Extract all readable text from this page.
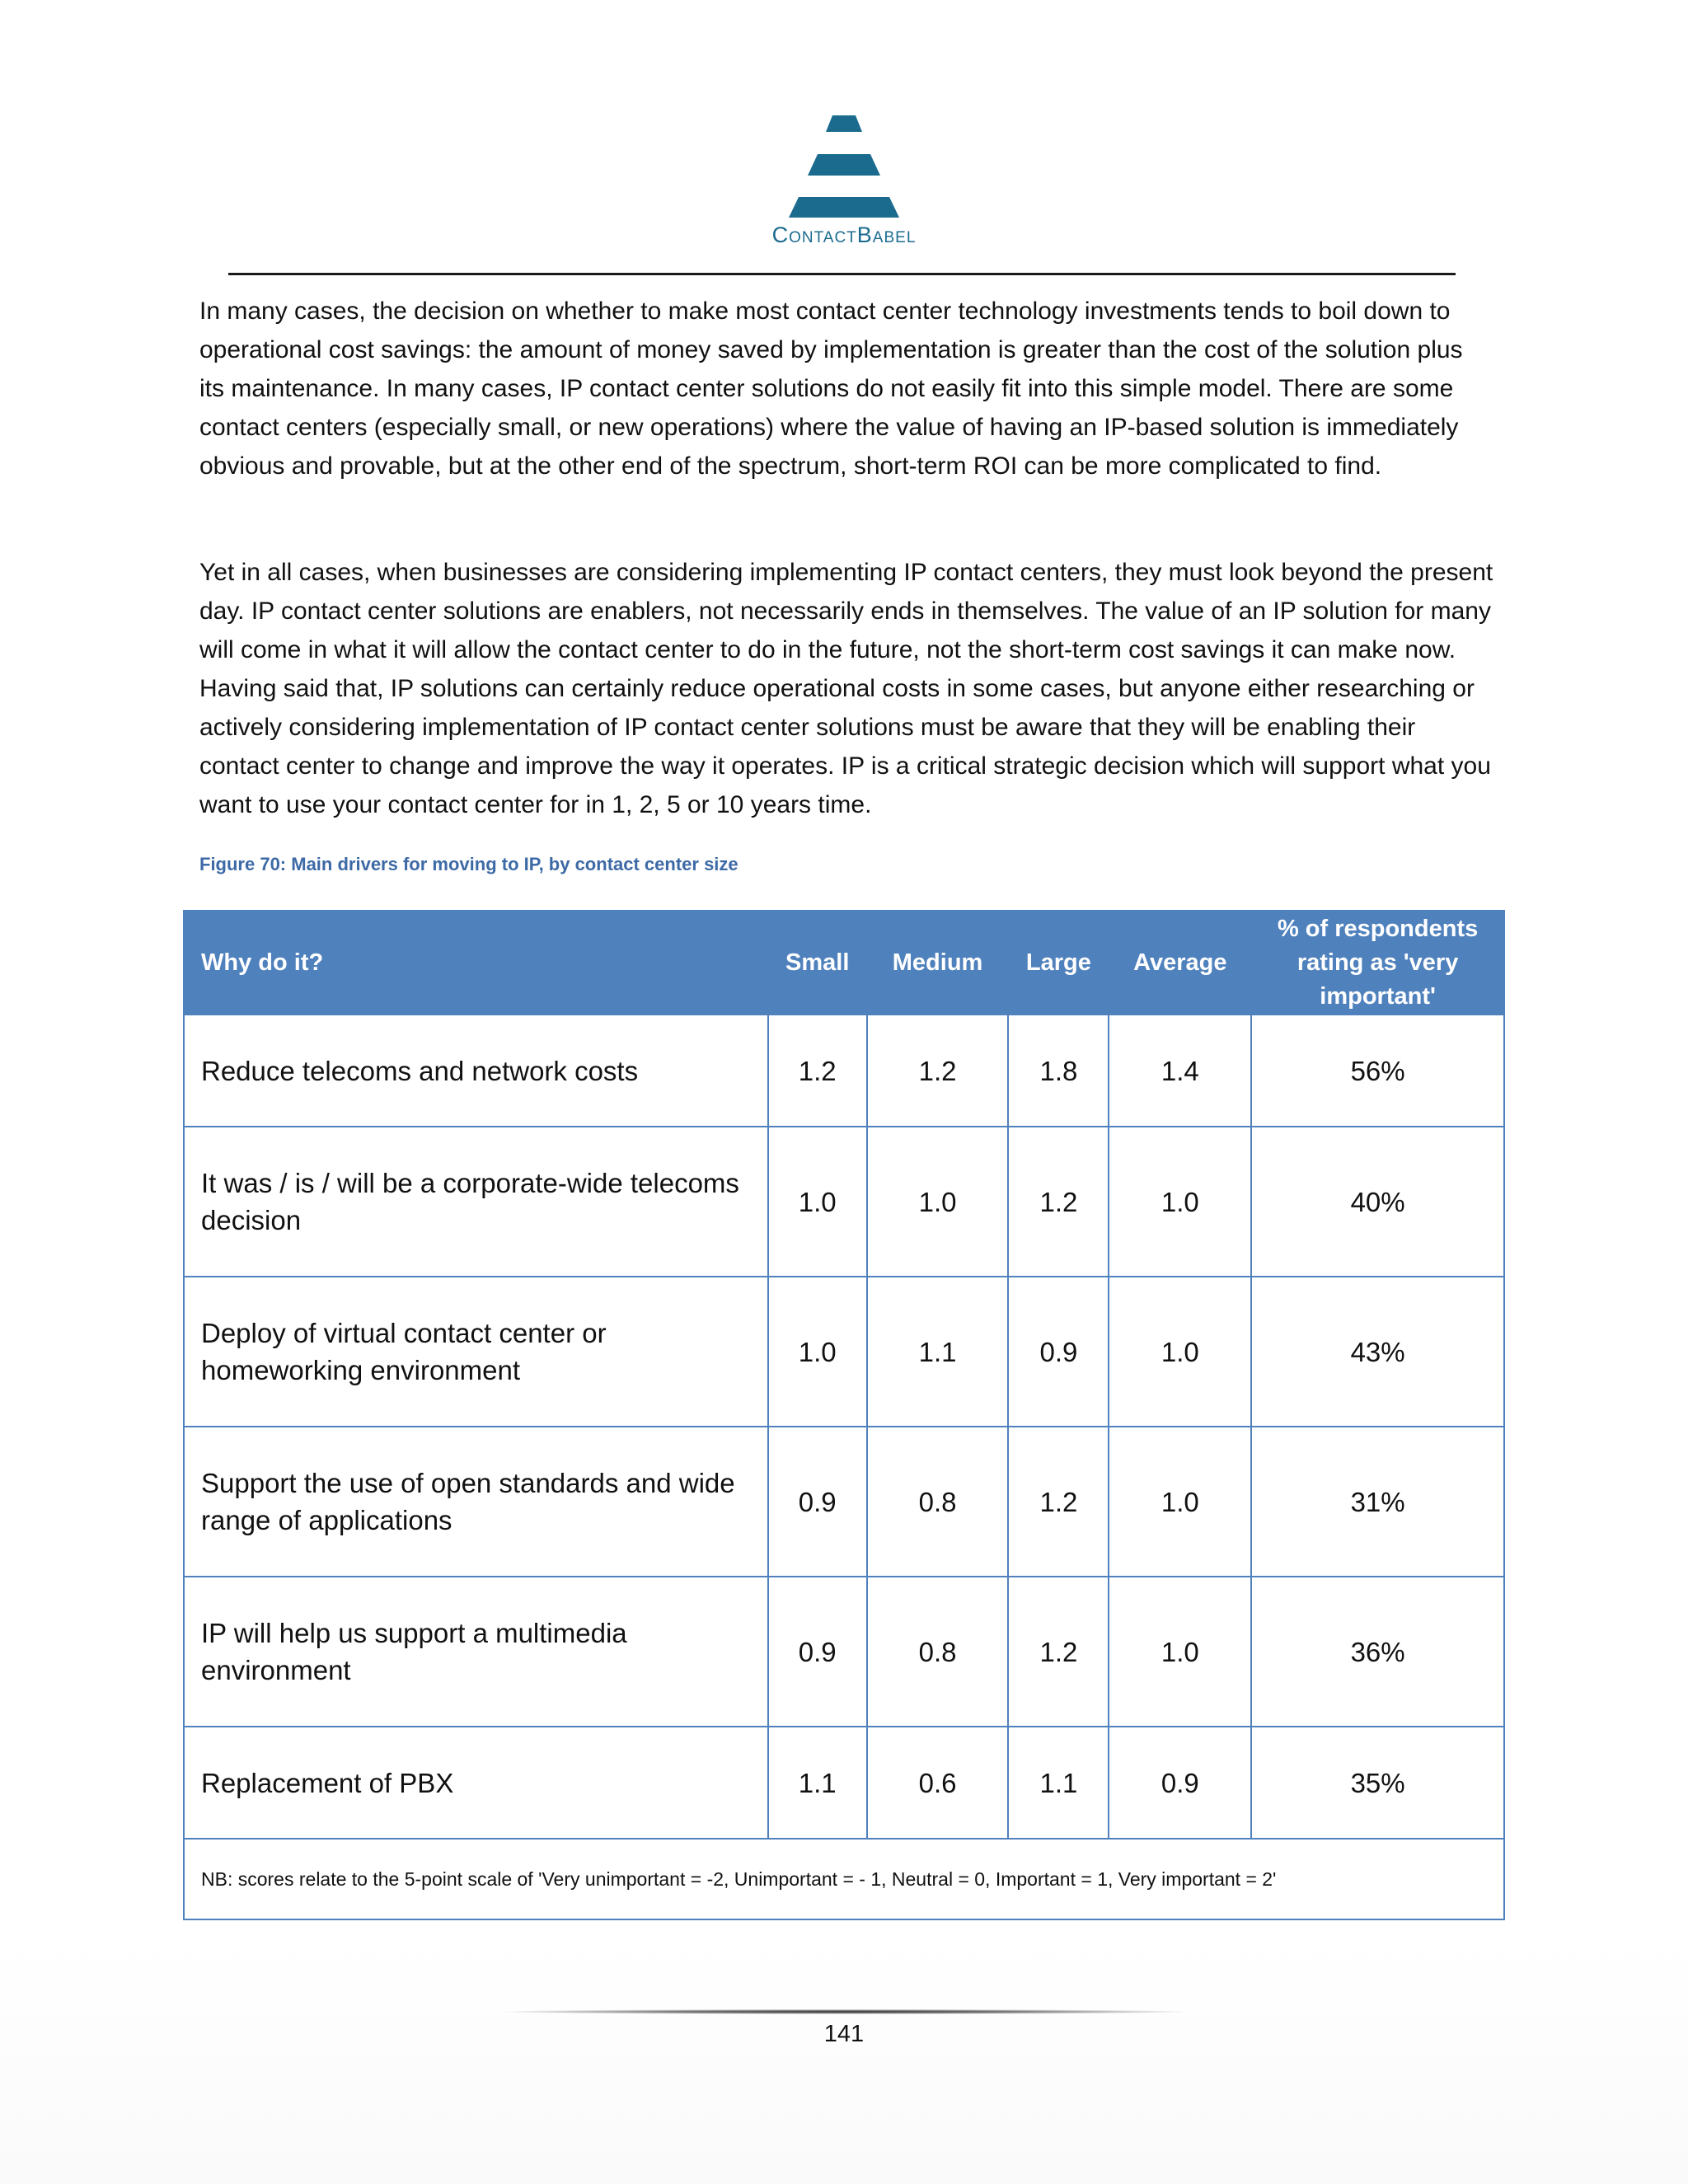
ContactBabel

In many cases, the decision on whether to make most contact center technology investments tends to boil down to operational cost savings: the amount of money saved by implementation is greater than the cost of the solution plus its maintenance. In many cases, IP contact center solutions do not easily fit into this simple model. There are some contact centers (especially small, or new operations) where the value of having an IP-based solution is immediately obvious and provable, but at the other end of the spectrum, short-term ROI can be more complicated to find.

Yet in all cases, when businesses are considering implementing IP contact centers, they must look beyond the present day. IP contact center solutions are enablers, not necessarily ends in themselves. The value of an IP solution for many will come in what it will allow the contact center to do in the future, not the short-term cost savings it can make now. Having said that, IP solutions can certainly reduce operational costs in some cases, but anyone either researching or actively considering implementation of IP contact center solutions must be aware that they will be enabling their contact center to change and improve the way it operates. IP is a critical strategic decision which will support what you want to use your contact center for in 1, 2, 5 or 10 years time.

Figure 70: Main drivers for moving to IP, by contact center size
Why do it?	Small	Medium	Large	Average	% of respondents rating as 'very important'
Reduce telecoms and network costs	1.2	1.2	1.8	1.4	56%
It was / is / will be a corporate-wide telecoms decision	1.0	1.0	1.2	1.0	40%
Deploy of virtual contact center or homeworking environment	1.0	1.1	0.9	1.0	43%
Support the use of open standards and wide range of applications	0.9	0.8	1.2	1.0	31%
IP will help us support a multimedia environment	0.9	0.8	1.2	1.0	36%
Replacement of PBX	1.1	0.6	1.1	0.9	35%
NB: scores relate to the 5-point scale of 'Very unimportant = -2, Unimportant = - 1, Neutral = 0, Important = 1, Very important = 2'					
141
